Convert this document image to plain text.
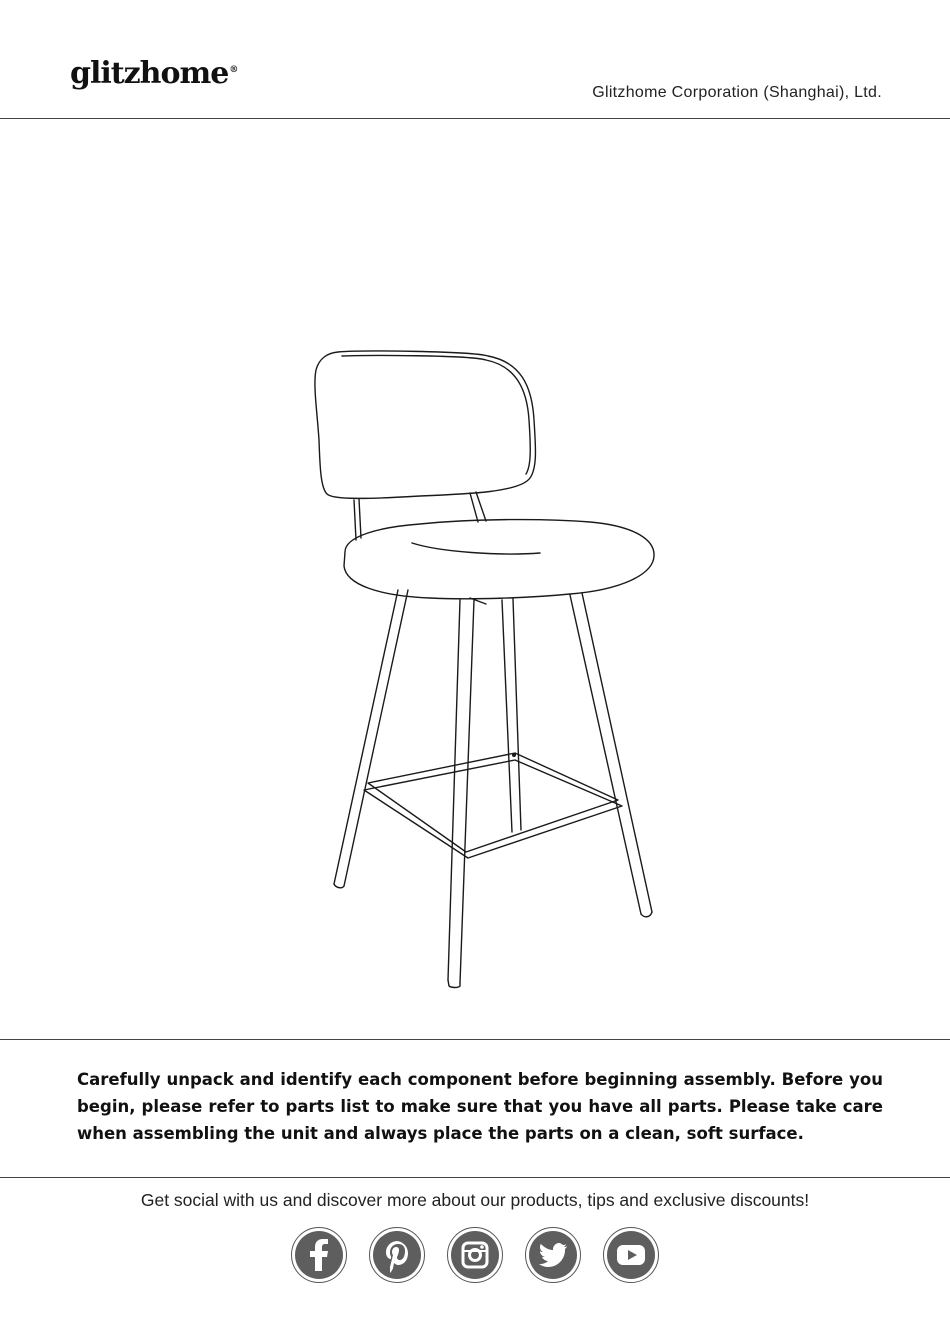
glitzhome®
Glitzhome Corporation (Shanghai), Ltd.

Carefully unpack and identify each component before beginning assembly. Before you begin, please refer to parts list to make sure that you have all parts. Please take care when assembling the unit and always place the parts on a clean, soft surface.

Get social with us and discover more about our products, tips and exclusive discounts!
